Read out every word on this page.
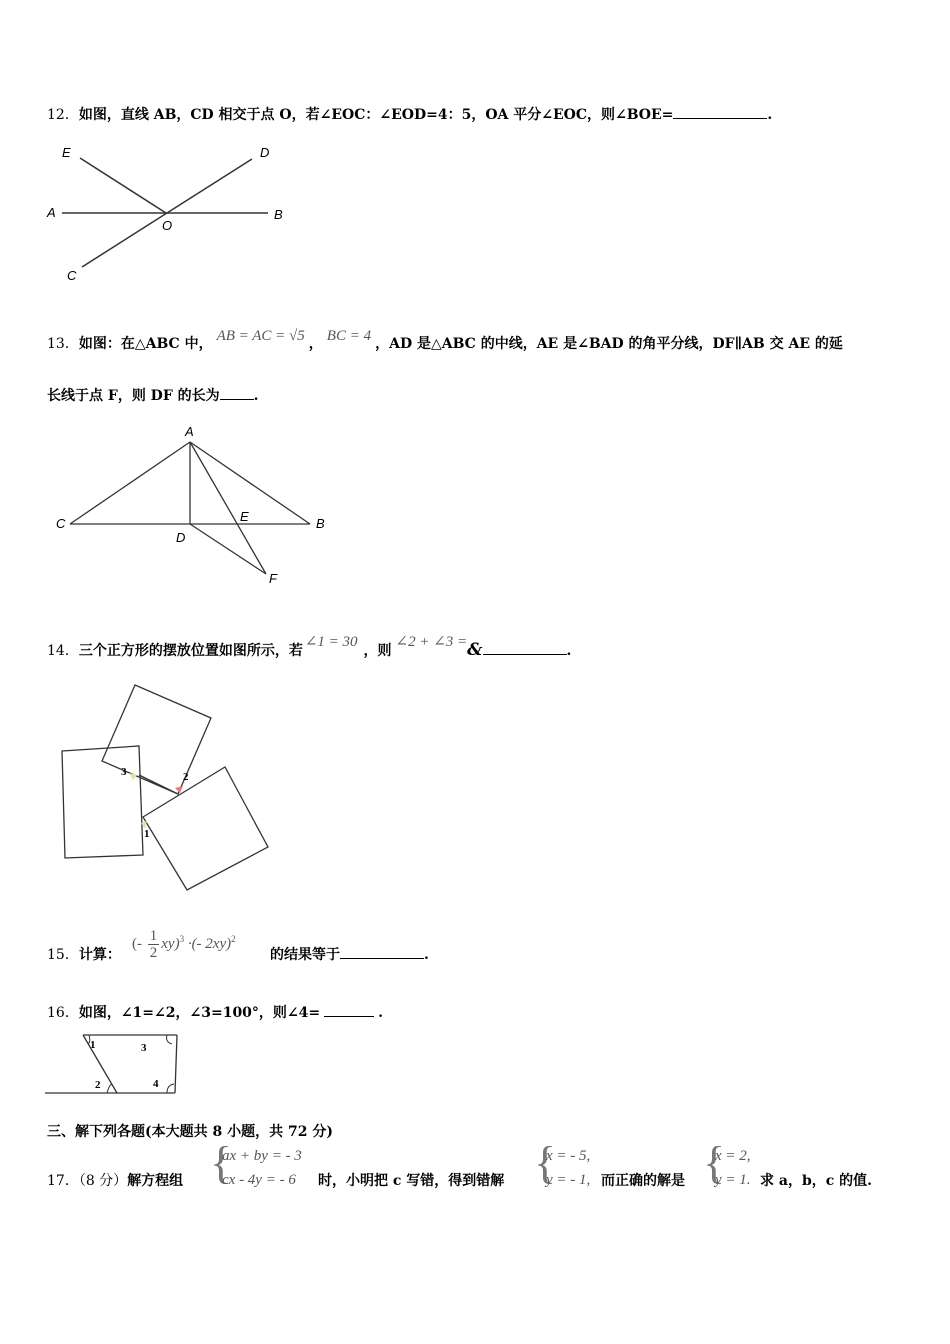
12．如图，直线 AB，CD 相交于点 O，若∠EOC：∠EOD=4：5，OA 平分∠EOC，则∠BOE=	.
E	D
A
O
B
C
13．如图：在△ABC 中， AB = AC = √5 ， BC = 4 ，AD 是△ABC 的中线，AE 是∠BAD 的角平分线，DF∥AB 交 AE 的延
长线于点 F，则 DF 的长为 .
A
C
D
E	B
F
14．三个正方形的摆放位置如图所示，若∠1 = 30，则∠2 + ∠3 =&	.
3	2
1
15．计算：
(- $\frac{1}{2} xy)^3$ ·(- 2xy)$^2$
的结果等于	.
16．如图，∠1=∠2，∠3=100°，则∠4=	.
1	3
2	4
三、解下列各题(本大题共 8 小题，共 72 分)
17．（8 分）解方程组 {
ax + by = - 3
cx - 4y = - 6	时，小明把 c 写错，得到错解 {
x = - 5,
y = - 1, 而正确的解是 {
x = 2,
y = 1. 求 a，b，c 的值.
